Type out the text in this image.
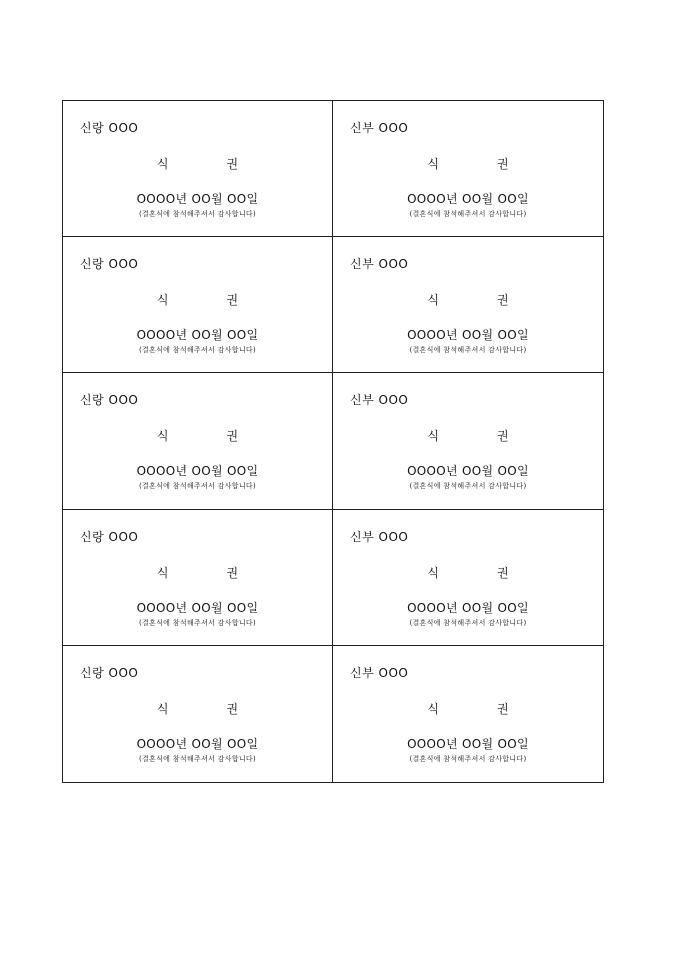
신랑 OOO
식	권
OOOO년 OO월 OO일
(결혼식에 참석해주셔서 감사합니다)
신부 OOO
식	권
OOOO년 OO월 OO일
(결혼식에 참석해주셔서 감사합니다)
신랑 OOO
식	권
OOOO년 OO월 OO일
(결혼식에 참석해주셔서 감사합니다)
신부 OOO
식	권
OOOO년 OO월 OO일
(결혼식에 참석해주셔서 감사합니다)
신랑 OOO
식	권
OOOO년 OO월 OO일
(결혼식에 참석해주셔서 감사합니다)
신부 OOO
식	권
OOOO년 OO월 OO일
(결혼식에 참석해주셔서 감사합니다)
신랑 OOO
식	권
OOOO년 OO월 OO일
(결혼식에 참석해주셔서 감사합니다)
신부 OOO
식	권
OOOO년 OO월 OO일
(결혼식에 참석해주셔서 감사합니다)
신랑 OOO
식	권
OOOO년 OO월 OO일
(결혼식에 참석해주셔서 감사합니다)
신부 OOO
식	권
OOOO년 OO월 OO일
(결혼식에 참석해주셔서 감사합니다)
